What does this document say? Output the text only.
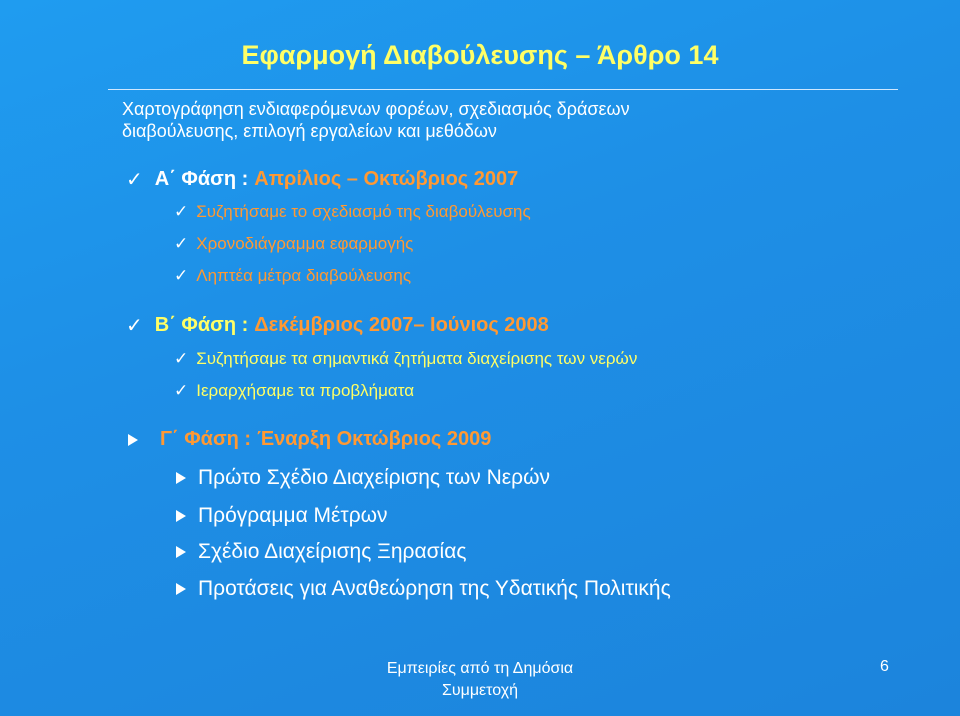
Εφαρμογή Διαβούλευσης – Άρθρο 14
Χαρτογράφηση ενδιαφερόμενων φορέων, σχεδιασμός δράσεων
διαβούλευσης, επιλογή εργαλείων και μεθόδων
✓ Α΄ Φάση : Απρίλιος – Οκτώβριος 2007
✓ Συζητήσαμε το σχεδιασμό της διαβούλευσης
✓ Χρονοδιάγραμμα εφαρμογής
✓ Ληπτέα μέτρα διαβούλευσης
✓ Β΄ Φάση : Δεκέμβριος 2007– Ιούνιος 2008
✓ Συζητήσαμε τα σημαντικά ζητήματα διαχείρισης των νερών
✓ Ιεραρχήσαμε τα προβλήματα
Γ΄ Φάση : Έναρξη Οκτώβριος 2009
Πρώτο Σχέδιο Διαχείρισης των Νερών
Πρόγραμμα Μέτρων
Σχέδιο Διαχείρισης Ξηρασίας
Προτάσεις για Αναθεώρηση της Υδατικής Πολιτικής
Εμπειρίες από τη Δημόσια
Συμμετοχή
6
